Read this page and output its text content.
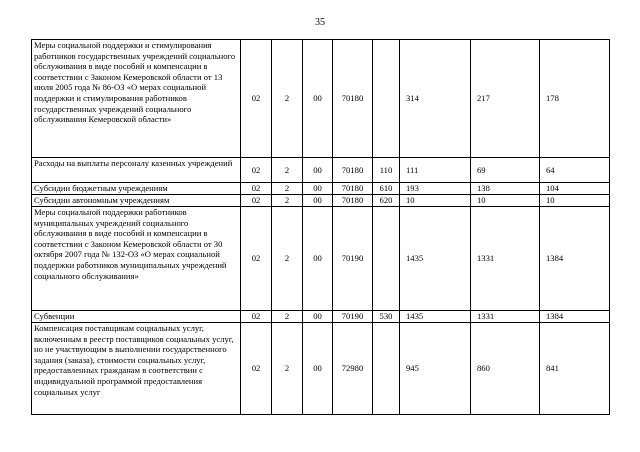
35
Меры социальной поддержки и стимулирования работников государственных учреждений социального обслуживания в виде пособий и компенсации в соответствии с Законом Кемеровской области от 13 июля 2005 года № 86-ОЗ «О мерах социальной поддержки и стимулирования работников государственных учреждений социального обслуживания Кемеровской области»	02	2	00	70180		314	217	178
Расходы на выплаты персоналу казенных учреждений	02	2	00	70180	110	111	69	64
Субсидии бюджетным учреждениям	02	2	00	70180	610	193	138	104
Субсидии автономным учреждениям	02	2	00	70180	620	10	10	10
Меры социальной поддержки работников муниципальных учреждений социального обслуживания в виде пособий и компенсации в соответствии с Законом Кемеровской области от 30 октября 2007 года № 132-ОЗ «О мерах социальной поддержки работников муниципальных учреждений социального обслуживания»	02	2	00	70190		1435	1331	1384
Субвенции	02	2	00	70190	530	1435	1331	1384
Компенсация поставщикам социальных услуг, включенным в реестр поставщиков социальных услуг, но не участвующим в выполнении государственного задания (заказа), стоимости социальных услуг, предоставленных гражданам в соответствии с индивидуальной программой предоставления социальных услуг	02	2	00	72980		945	860	841
